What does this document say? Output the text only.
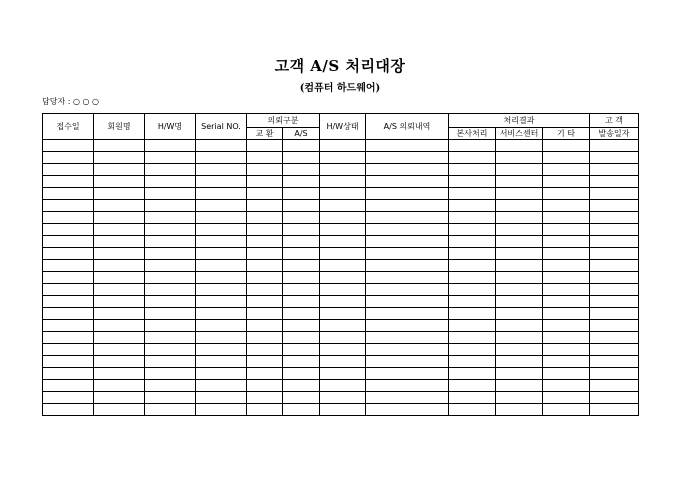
고객 A/S 처리대장
(컴퓨터 하드웨어)
담당자 : ○ ○ ○
접수일	회원명	H/W명	Serial NO.	의뢰구분		H/W상태	A/S 의뢰내역	처리결과			고 객
				교 환	A/S			본사처리	서비스센터	기 타	발송일자
